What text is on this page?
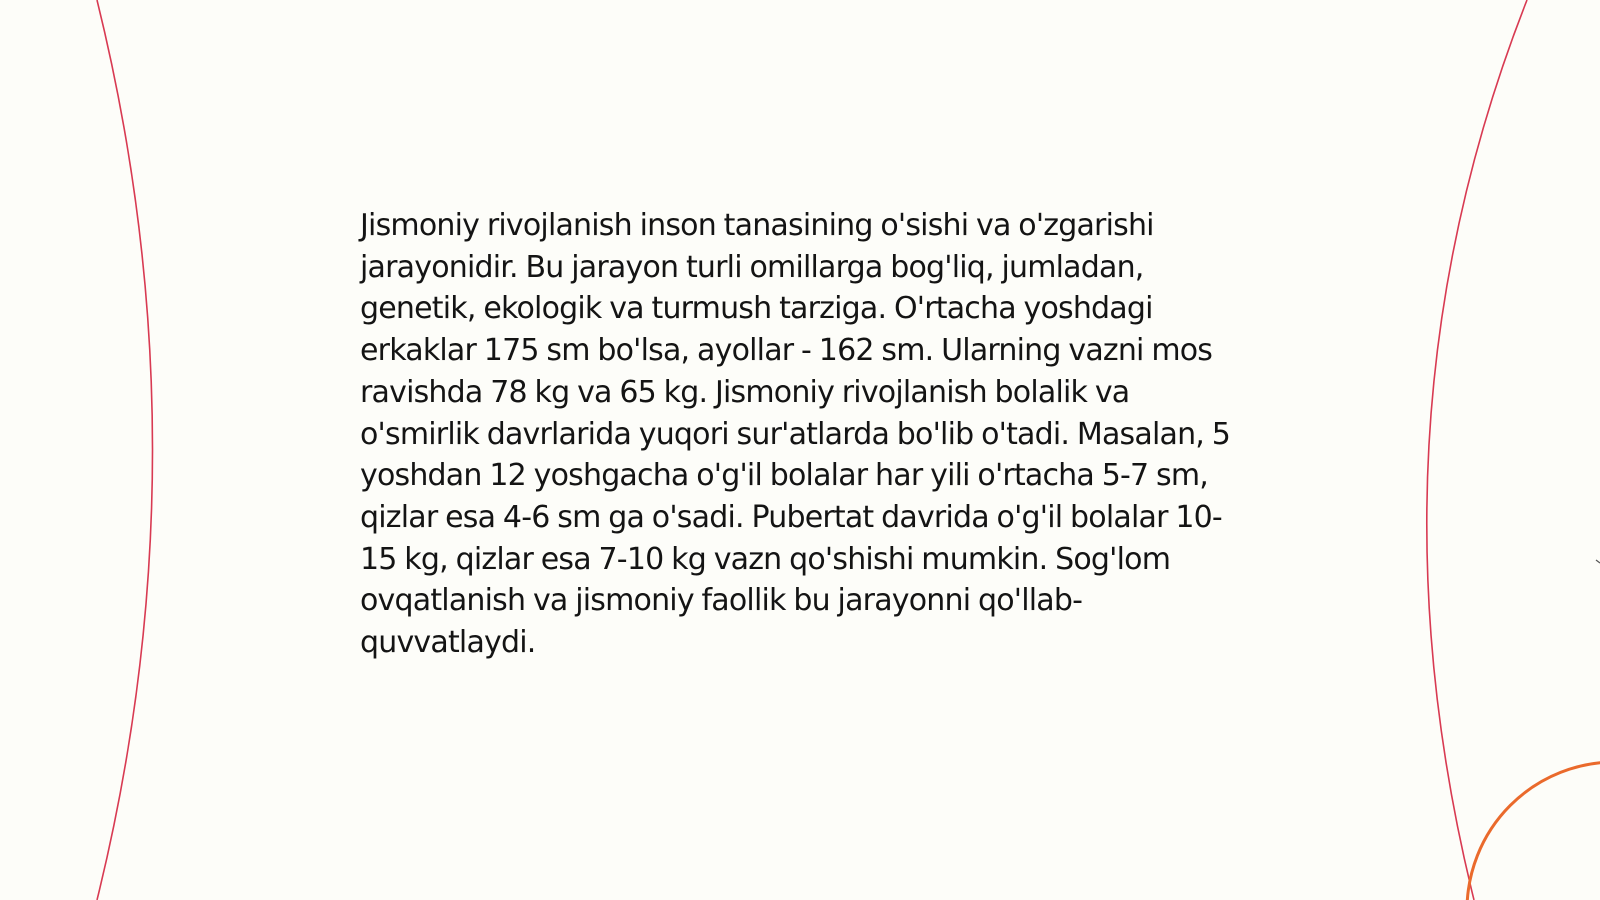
Jismoniy rivojlanish inson tanasining o'sishi va o'zgarishi jarayonidir. Bu jarayon turli omillarga bog'liq, jumladan, genetik, ekologik va turmush tarziga. O'rtacha yoshdagi erkaklar 175 sm bo'lsa, ayollar - 162 sm. Ularning vazni mos ravishda 78 kg va 65 kg. Jismoniy rivojlanish bolalik va o'smirlik davrlarida yuqori sur'atlarda bo'lib o'tadi. Masalan, 5 yoshdan 12 yoshgacha o'g'il bolalar har yili o'rtacha 5-7 sm, qizlar esa 4-6 sm ga o'sadi. Pubertat davrida o'g'il bolalar 10-15 kg, qizlar esa 7-10 kg vazn qo'shishi mumkin. Sog'lom ovqatlanish va jismoniy faollik bu jarayonni qo'llab-quvvatlaydi.
